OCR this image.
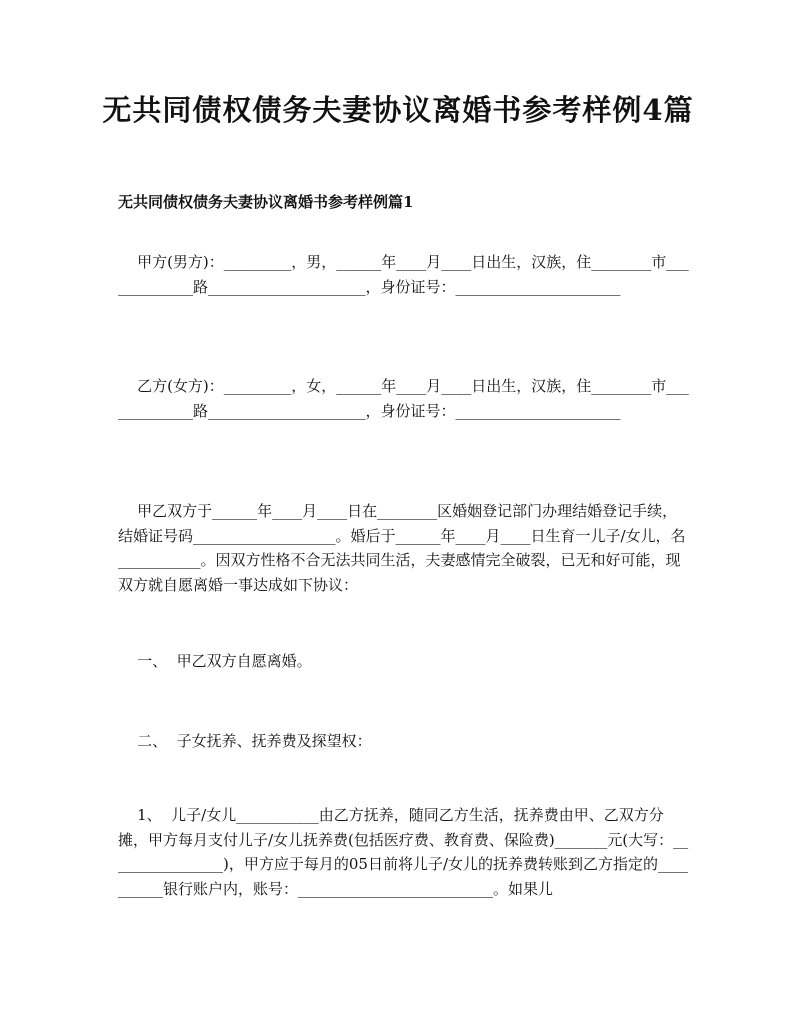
无共同债权债务夫妻协议离婚书参考样例4篇
无共同债权债务夫妻协议离婚书参考样例篇1
甲方(男方)：_________，男，______年____月____日出生，汉族，住________市_____________路_____________________，身份证号：______________________
乙方(女方)：_________，女，______年____月____日出生，汉族，住________市_____________路_____________________，身份证号：______________________
甲乙双方于______年____月____日在________区婚姻登记部门办理结婚登记手续，结婚证号码___________________。婚后于______年____月____日生育一儿子/女儿，名___________。因双方性格不合无法共同生活，夫妻感情完全破裂，已无和好可能，现双方就自愿离婚一事达成如下协议：
一、  甲乙双方自愿离婚。
二、  子女抚养、抚养费及探望权：
1、  儿子/女儿___________由乙方抚养，随同乙方生活，抚养费由甲、乙双方分摊，甲方每月支付儿子/女儿抚养费(包括医疗费、教育费、保险费)_______元(大写：________________)，甲方应于每月的05日前将儿子/女儿的抚养费转账到乙方指定的__________银行账户内，账号：__________________________。如果儿
